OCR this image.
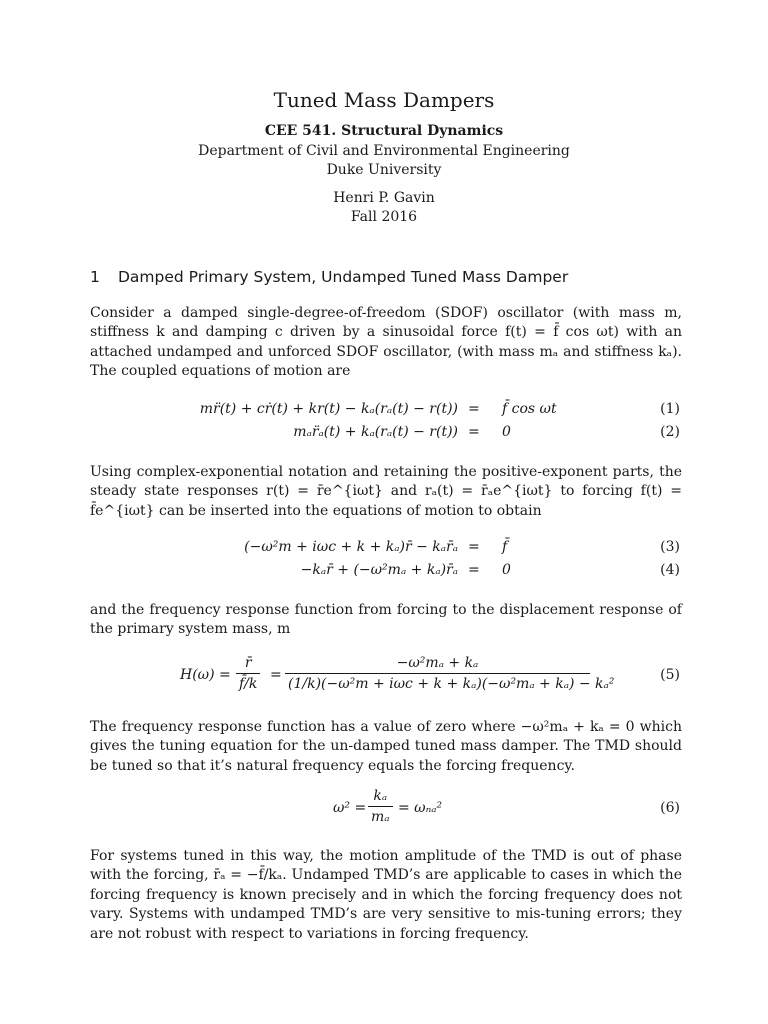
Tuned Mass Dampers
CEE 541. Structural Dynamics
Department of Civil and Environmental Engineering
Duke University
Henri P. Gavin
Fall 2016
1 Damped Primary System, Undamped Tuned Mass Damper
Consider a damped single-degree-of-freedom (SDOF) oscillator (with mass m, stiffness k and damping c driven by a sinusoidal force f(t) = f̄ cos ωt) with an attached undamped and unforced SDOF oscillator, (with mass mₐ and stiffness kₐ). The coupled equations of motion are
mr̈(t) + cṙ(t) + kr(t) − kₐ(rₐ(t) − r(t)) = f̄ cos ωt	(1)
mₐr̈ₐ(t) + kₐ(rₐ(t) − r(t)) = 0	(2)
Using complex-exponential notation and retaining the positive-exponent parts, the steady state responses r(t) = r̄e^{iωt} and rₐ(t) = r̄ₐe^{iωt} to forcing f(t) = f̄e^{iωt} can be inserted into the equations of motion to obtain
(−ω²m + iωc + k + kₐ)r̄ − kₐr̄ₐ = f̄	(3)
−kₐr̄ + (−ω²mₐ + kₐ)r̄ₐ = 0	(4)
and the frequency response function from forcing to the displacement response of the primary system mass, m
$H(\omega) = \frac{r̄}{f̄/k} = \frac{\text{−ω²mₐ + kₐ}}{\text{(1/k)(−ω²m + iωc + k + kₐ)(−ω²mₐ + kₐ) − kₐ²}}$	(5)
The frequency response function has a value of zero where −ω²mₐ + kₐ = 0 which gives the tuning equation for the un-damped tuned mass damper. The TMD should be tuned so that it’s natural frequency equals the forcing frequency.
$\omega^2 = \frac{\text{kₐ}}{\text{mₐ}} = \omega_{na}^2$	(6)
For systems tuned in this way, the motion amplitude of the TMD is out of phase with the forcing, r̄ₐ = −f̄/kₐ. Undamped TMD’s are applicable to cases in which the forcing frequency is known precisely and in which the forcing frequency does not vary. Systems with undamped TMD’s are very sensitive to mis-tuning errors; they are not robust with respect to variations in forcing frequency.
